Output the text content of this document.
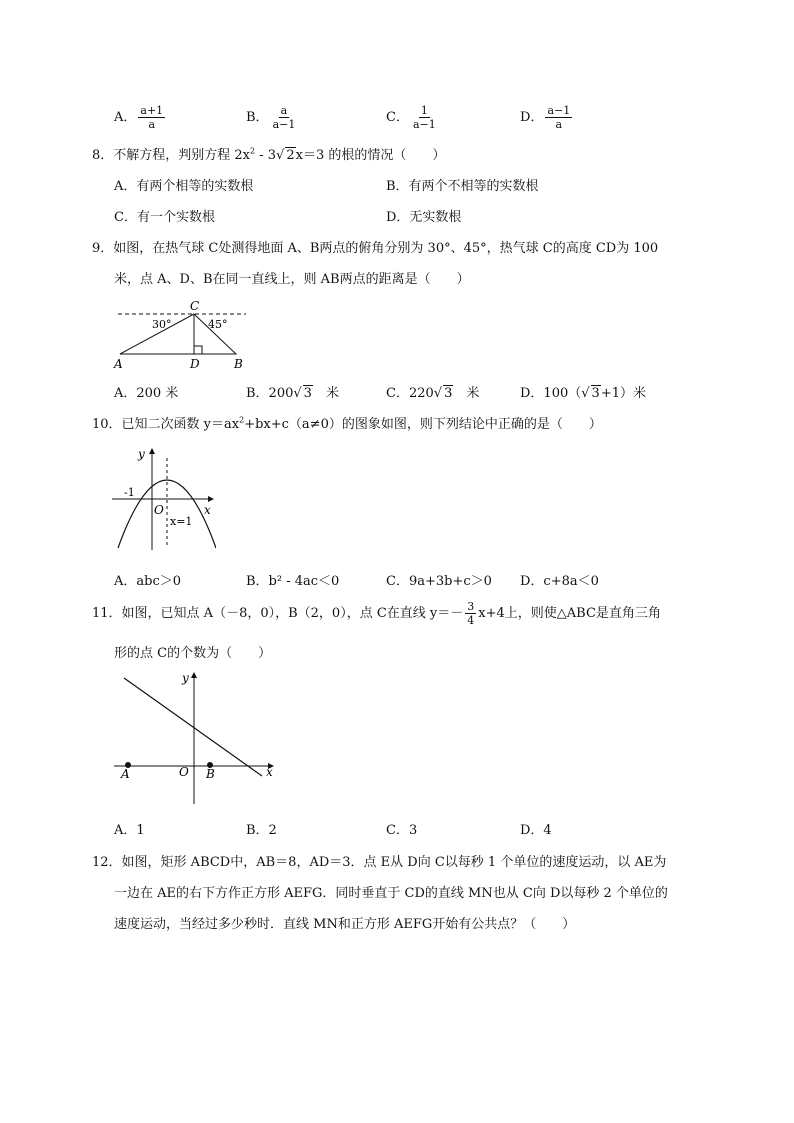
A． $\frac{a+1}{a}$	B． $\frac{a}{a-1}$	C． $\frac{1}{a-1}$	D． $\frac{a-1}{a}$
8．不解方程，判别方程 $2x^2 - 3√$ 2x＝3 的根的情况（　　）
A．有两个相等的实数根	B．有两个不相等的实数根
C．有一个实数根	D．无实数根
9．如图，在热气球 C处测得地面 A、B两点的俯角分别为 30°、45°，热气球 C的高度 CD为 100
米，点 A、D、B在同一直线上，则 AB两点的距离是（　　）
C
30°	45°
A	D	B
A．200 米	B．200√ 3　米	C．220√ 3　米	D．100（√ 3+1）米
10．已知二次函数 $y=ax^2+bx+c(a\ne 0)$的图象如图，则下列结论中正确的是（　　）
y
x
O
-1
x=1
A．abc＞0	B．b² - 4ac＜0	C．9a+3b+c＞0 D．c+8a＜0
11．如图，已知点 A（－8，0），B（2，0），点 C在直线 $y=- \frac{3}{4} x+4$上，则使△ABC是直角三角
形的点 C的个数为（　　）
y
x
O
A	B
A．1	B．2	C．3	D．4
12．如图，矩形 ABCD中，AB＝8，AD＝3．点 E从 D向 C以每秒 1 个单位的速度运动，以 AE为
一边在 AE的右下方作正方形 AEFG．同时垂直于 CD的直线 MN也从 C向 D以每秒 2 个单位的
速度运动，当经过多少秒时．直线 MN和正方形 AEFG开始有公共点？（　　）
